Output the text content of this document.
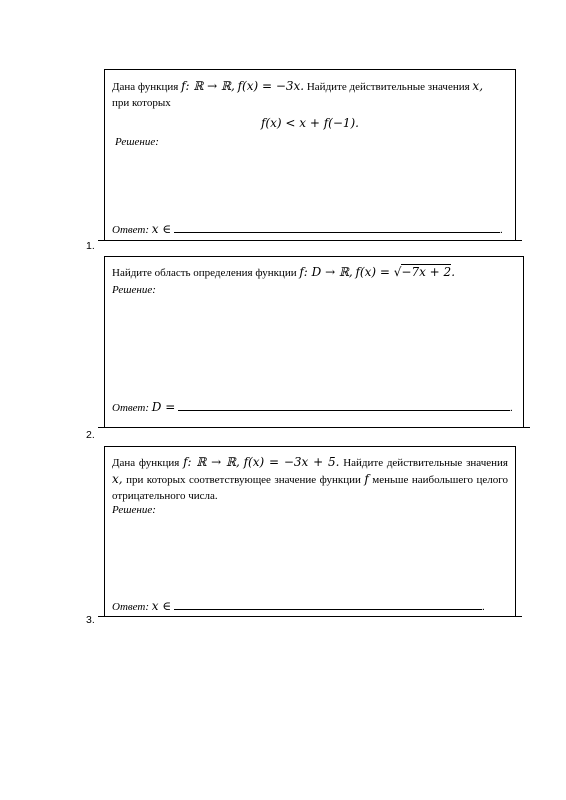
Дана функция f: ℝ → ℝ, f(x) = −3x. Найдите действительные значения x,
при которых
f(x) < x + f(−1).
Решение:
Ответ: x ∈	.
1.
Найдите область определения функции f: D → ℝ, f(x) = √−7x + 2.
Решение:
Ответ: D =	.
2.
Дана функция f: ℝ → ℝ, f(x) = −3x + 5. Найдите действительные значения x, при которых соответствующее значение функции f меньше наибольшего целого отрицательного числа.
Решение:
Ответ: x ∈	.
3.
